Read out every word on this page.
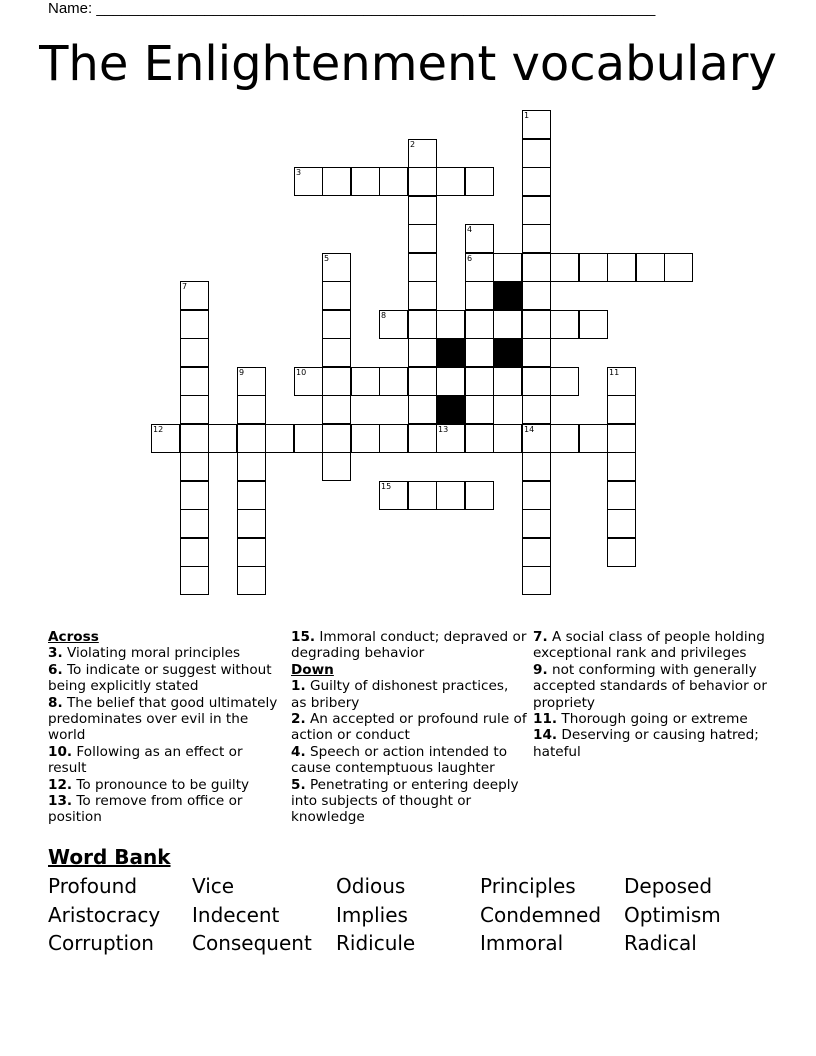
Name: ___________________________________________________________________
The Enlightenment vocabulary
3
6
8
10
12	13	14
15
1
2
4
5
7
9	11
Across
3. Violating moral principles
6. To indicate or suggest without being explicitly stated
8. The belief that good ultimately predominates over evil in the world
10. Following as an effect or result
12. To pronounce to be guilty
13. To remove from office or position
15. Immoral conduct; depraved or degrading behavior
Down
1. Guilty of dishonest practices, as bribery
2. An accepted or profound rule of action or conduct
4. Speech or action intended to cause contemptuous laughter
5. Penetrating or entering deeply into subjects of thought or knowledge
7. A social class of people holding exceptional rank and privileges
9. not conforming with generally accepted standards of behavior or propriety
11. Thorough going or extreme
14. Deserving or causing hatred; hateful
Word Bank
Profound	Vice	Odious	Principles Deposed
Aristocracy Indecent	Implies	Condemned Optimism
Corruption Consequent Ridicule	Immoral	Radical
